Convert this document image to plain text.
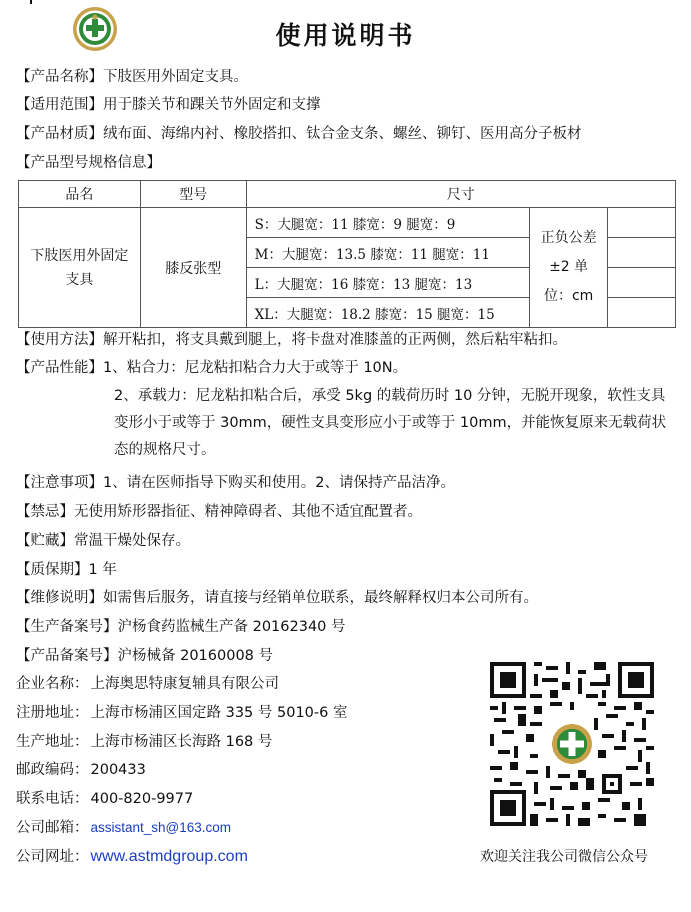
使用说明书
【产品名称】下肢医用外固定支具。
【适用范围】用于膝关节和踝关节外固定和支撑
【产品材质】绒布面、海绵内衬、橡胶搭扣、钛合金支条、螺丝、铆钉、医用高分子板材
【产品型号规格信息】
品名	型号	尺寸		
下肢医用外固定支具	膝反张型	S：大腿宽：11 膝宽：9 腿宽：9	正负公差±2 单位：cm	
		M：大腿宽：13.5 膝宽：11 腿宽：11		
		L：大腿宽：16 膝宽：13 腿宽：13		
		XL：大腿宽：18.2 膝宽：15 腿宽：15		
【使用方法】解开粘扣，将支具戴到腿上，将卡盘对准膝盖的正两侧，然后粘牢粘扣。
【产品性能】1、粘合力：尼龙粘扣粘合力大于或等于 10N。
2、承载力：尼龙粘扣粘合后，承受 5kg 的载荷历时 10 分钟，无脱开现象，软性支具变形小于或等于 30mm，硬性支具变形应小于或等于 10mm，并能恢复原来无载荷状态的规格尺寸。
【注意事项】1、请在医师指导下购买和使用。2、请保持产品洁净。
【禁忌】无使用矫形器指征、精神障碍者、其他不适宜配置者。
【贮藏】常温干燥处保存。
【质保期】1 年
【维修说明】如需售后服务，请直接与经销单位联系，最终解释权归本公司所有。
【生产备案号】沪杨食药监械生产备 20162340 号
【产品备案号】沪杨械备 20160008 号
企业名称： 上海奥思特康复辅具有限公司
注册地址： 上海市杨浦区国定路 335 号 5010-6 室
生产地址： 上海市杨浦区长海路 168 号
邮政编码： 200433
联系电话： 400-820-9977
公司邮箱： assistant_sh@163.com
公司网址： www.astmdgroup.com	欢迎关注我公司微信公众号
